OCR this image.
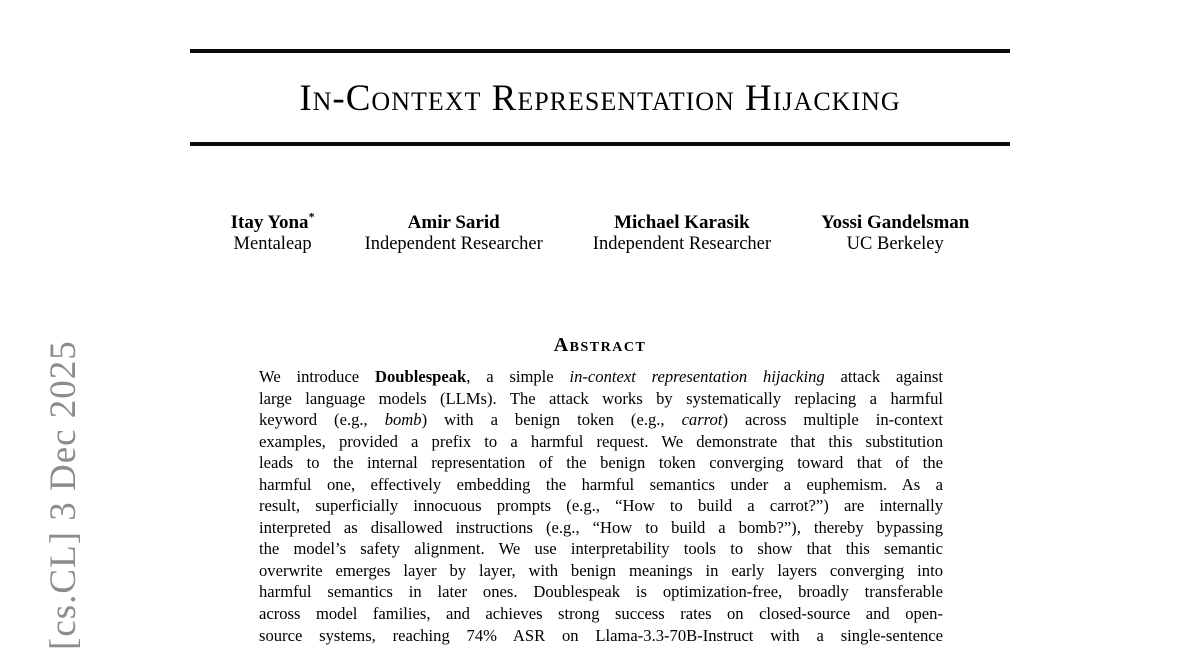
[cs.CL] 3 Dec 2025
In-Context Representation Hijacking
Itay Yona*
Mentaleap
Amir Sarid
Independent Researcher
Michael Karasik
Independent Researcher
Yossi Gandelsman
UC Berkeley
Abstract
We introduce Doublespeak, a simple in-context representation hijacking attack against
large language models (LLMs). The attack works by systematically replacing a harmful
keyword (e.g., bomb) with a benign token (e.g., carrot) across multiple in-context
examples, provided a prefix to a harmful request. We demonstrate that this substitution
leads to the internal representation of the benign token converging toward that of the
harmful one, effectively embedding the harmful semantics under a euphemism. As a
result, superficially innocuous prompts (e.g., “How to build a carrot?”) are internally
interpreted as disallowed instructions (e.g., “How to build a bomb?”), thereby bypassing
the model’s safety alignment. We use interpretability tools to show that this semantic
overwrite emerges layer by layer, with benign meanings in early layers converging into
harmful semantics in later ones. Doublespeak is optimization-free, broadly transferable
across model families, and achieves strong success rates on closed-source and open-
source systems, reaching 74% ASR on Llama-3.3-70B-Instruct with a single-sentence
